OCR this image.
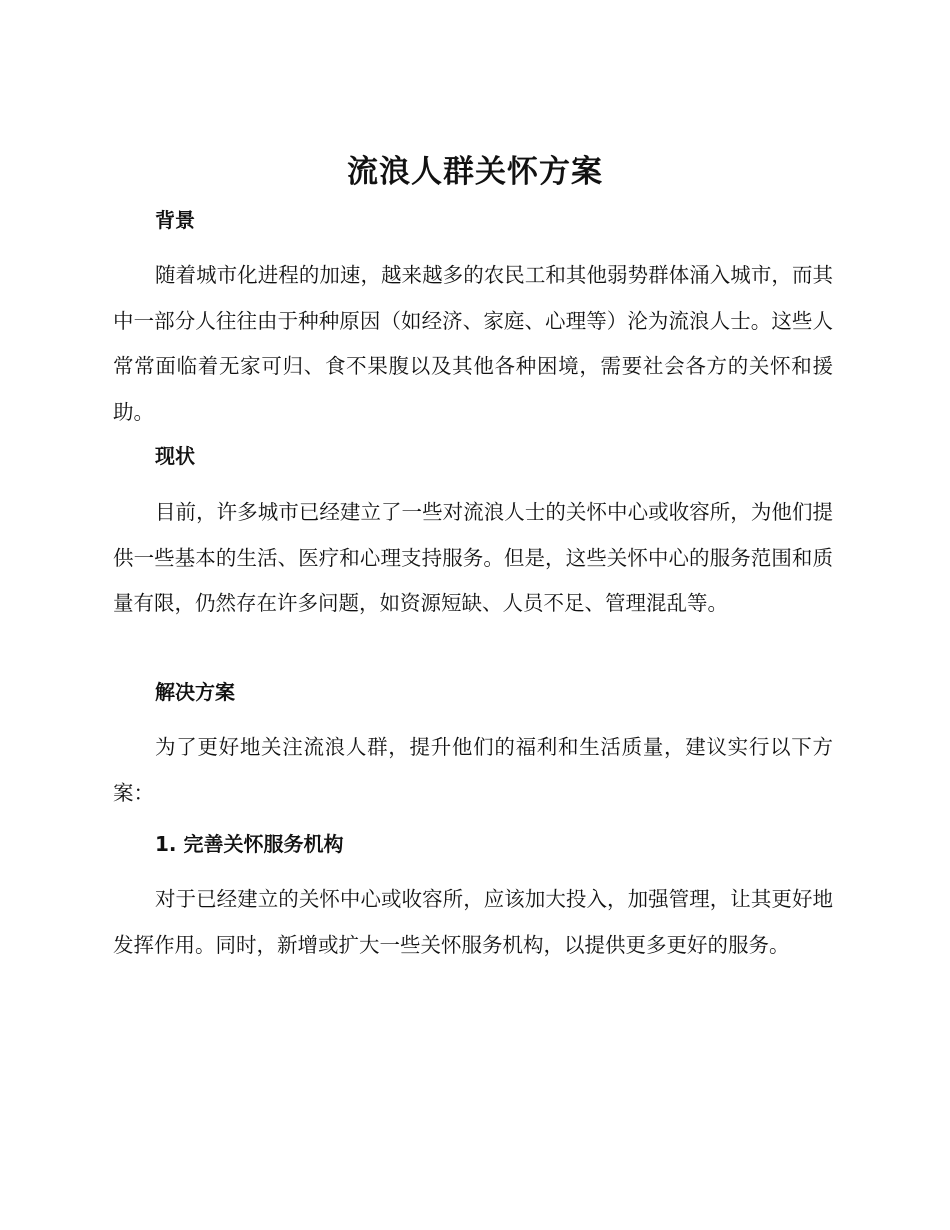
流浪人群关怀方案
背景

随着城市化进程的加速，越来越多的农民工和其他弱势群体涌入城市，而其中一部分人往往由于种种原因（如经济、家庭、心理等）沦为流浪人士。这些人常常面临着无家可归、食不果腹以及其他各种困境，需要社会各方的关怀和援助。

现状

目前，许多城市已经建立了一些对流浪人士的关怀中心或收容所，为他们提供一些基本的生活、医疗和心理支持服务。但是，这些关怀中心的服务范围和质量有限，仍然存在许多问题，如资源短缺、人员不足、管理混乱等。

解决方案

为了更好地关注流浪人群，提升他们的福利和生活质量，建议实行以下方案：

1. 完善关怀服务机构

对于已经建立的关怀中心或收容所，应该加大投入，加强管理，让其更好地发挥作用。同时，新增或扩大一些关怀服务机构，以提供更多更好的服务。
